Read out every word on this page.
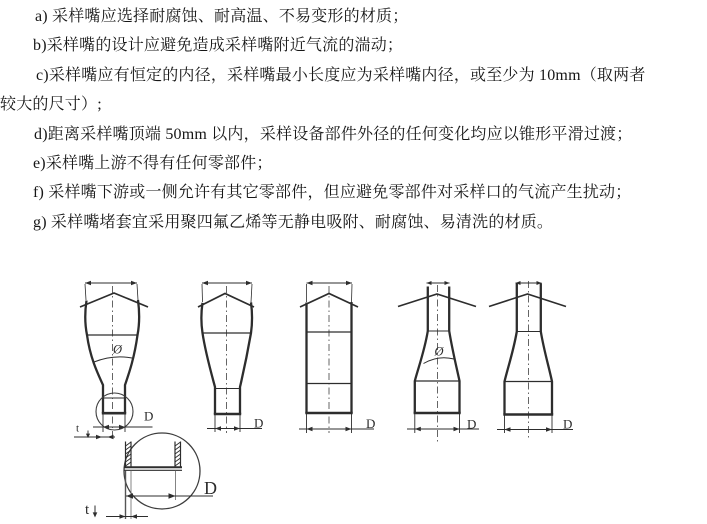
a) 采样嘴应选择耐腐蚀、耐高温、不易变形的材质；
b)采样嘴的设计应避免造成采样嘴附近气流的湍动；
c)采样嘴应有恒定的内径，采样嘴最小长度应为采样嘴内径，或至少为 10mm（取两者
较大的尺寸）;
d)距离采样嘴顶端 50mm 以内，采样设备部件外径的任何变化均应以锥形平滑过渡；
e)采样嘴上游不得有任何零部件；
f) 采样嘴下游或一侧允许有其它零部件，但应避免零部件对采样口的气流产生扰动；
g) 采样嘴堵套宜采用聚四氟乙烯等无静电吸附、耐腐蚀、易清洗的材质。
Ø
D
t	D	D
Ø
D	D
D
t
